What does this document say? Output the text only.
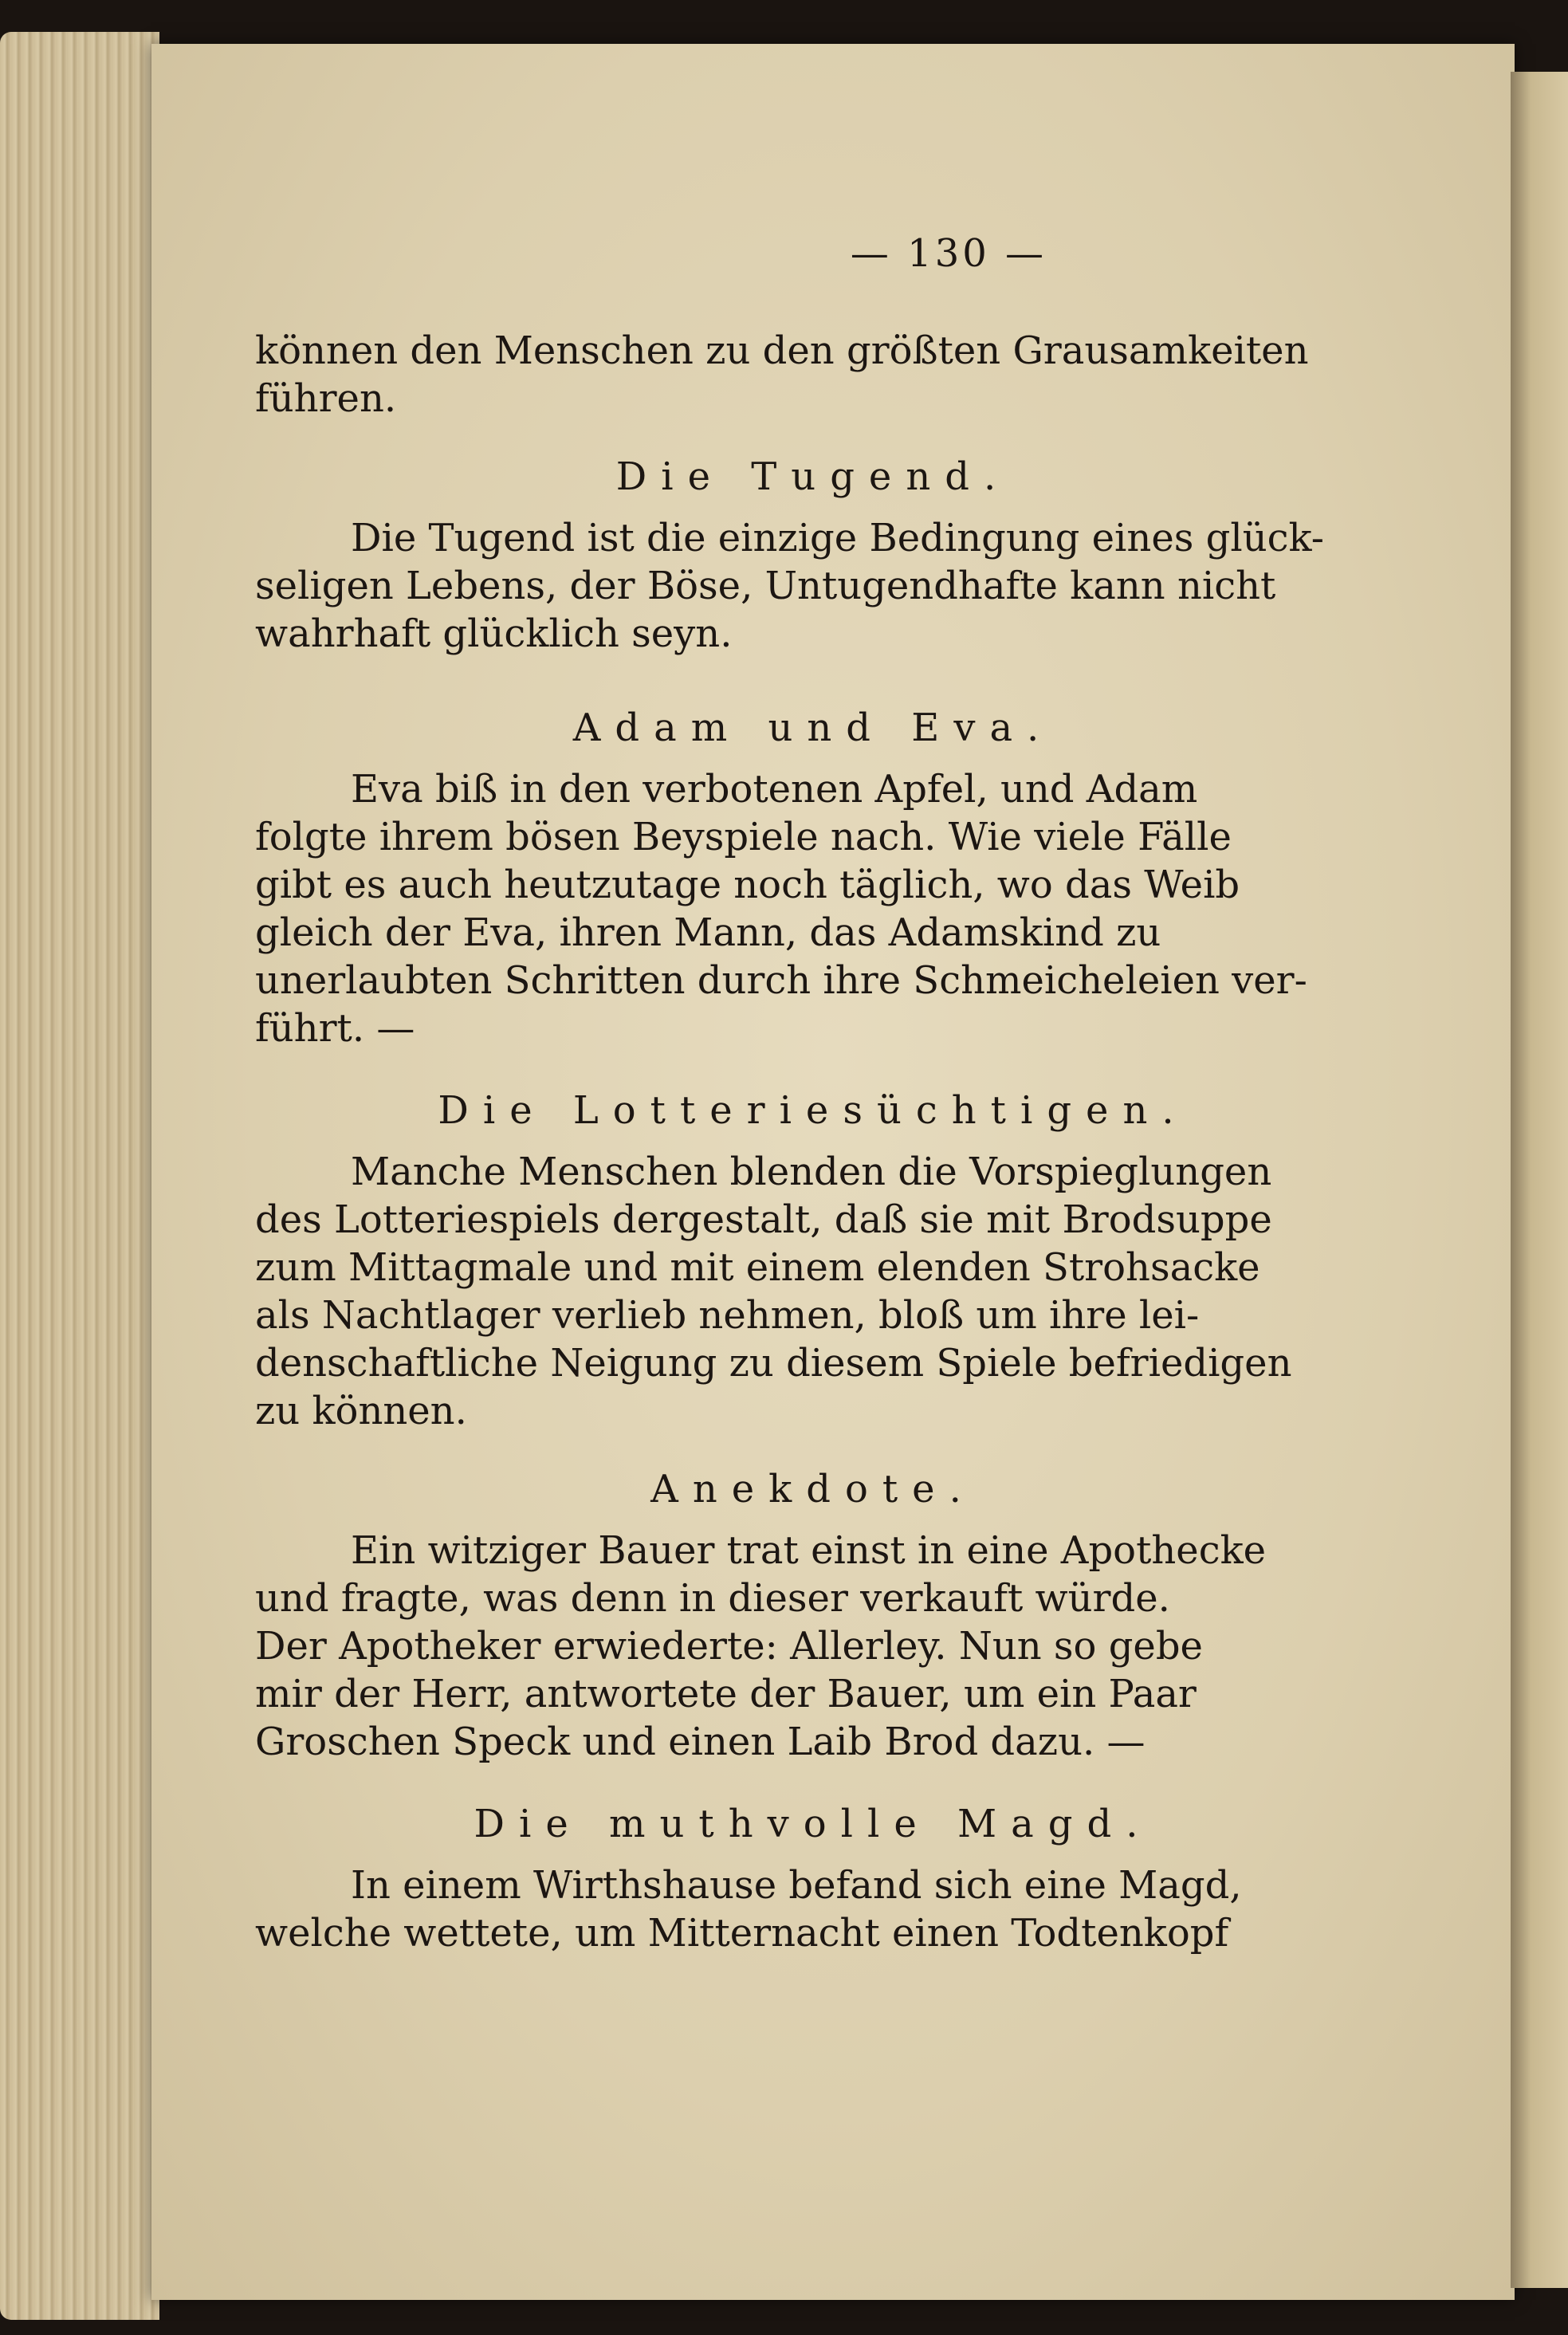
— 130 —
können den Menschen zu den größten Grausamkeiten
führen.
Die Tugend.
Die Tugend ist die einzige Bedingung eines glück-
seligen Lebens, der Böse, Untugendhafte kann nicht
wahrhaft glücklich seyn.
Adam und Eva.
Eva biß in den verbotenen Apfel, und Adam
folgte ihrem bösen Beyspiele nach. Wie viele Fälle
gibt es auch heutzutage noch täglich, wo das Weib
gleich der Eva, ihren Mann, das Adamskind zu
unerlaubten Schritten durch ihre Schmeicheleien ver-
führt. —
Die Lotteriesüchtigen.
Manche Menschen blenden die Vorspieglungen
des Lotteriespiels dergestalt, daß sie mit Brodsuppe
zum Mittagmale und mit einem elenden Strohsacke
als Nachtlager verlieb nehmen, bloß um ihre lei-
denschaftliche Neigung zu diesem Spiele befriedigen
zu können.
Anekdote.
Ein witziger Bauer trat einst in eine Apothecke
und fragte, was denn in dieser verkauft würde.
Der Apotheker erwiederte: Allerley. Nun so gebe
mir der Herr, antwortete der Bauer, um ein Paar
Groschen Speck und einen Laib Brod dazu. —
Die muthvolle Magd.
In einem Wirthshause befand sich eine Magd,
welche wettete, um Mitternacht einen Todtenkopf
